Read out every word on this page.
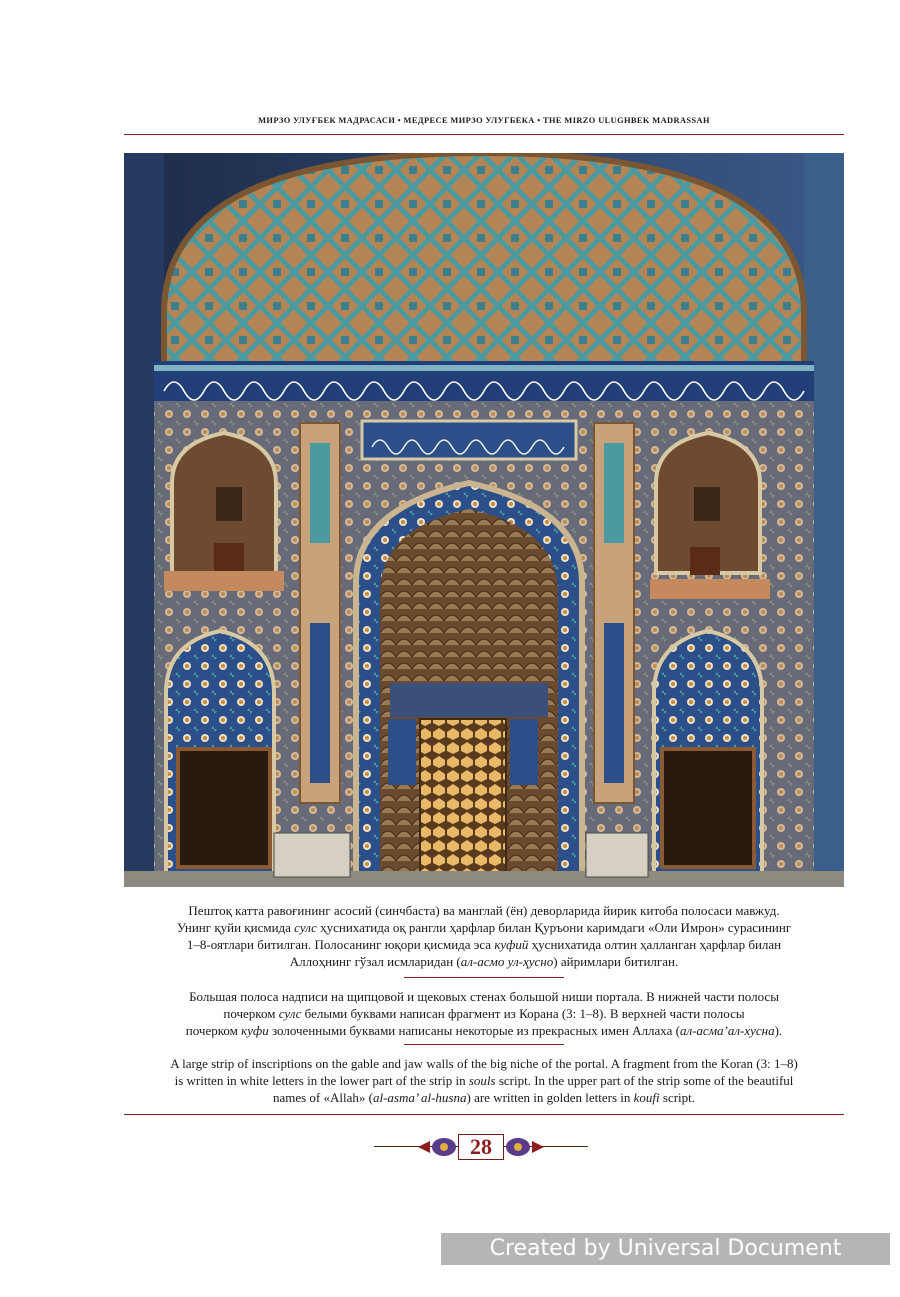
МИРЗО УЛУҒБЕК МАДРАСАСИ • МЕДРЕСЕ МИРЗО УЛУГБЕКА • THE MIRZO ULUGHBEK MADRASSAH

Пештоқ катта равоғининг асосий (синчбаста) ва манглай (ён) деворларида йирик китоба полосаси мавжуд.

Унинг қуйи қисмида сулс ҳуснихатида оқ рангли ҳарфлар билан Қуръони каримдаги «Оли Имрон» сурасининг

1–8-оятлари битилган. Полосанинг юқори қисмида эса куфий ҳуснихатида олтин ҳалланган ҳарфлар билан

Аллоҳнинг гўзал исмларидан (ал-асмо ул-ҳусно) айримлари битилган.

Большая полоса надписи на щипцовой и щековых стенах большой ниши портала. В нижней части полосы

почерком сулс белыми буквами написан фрагмент из Корана (3: 1–8). В верхней части полосы

почерком куфи золоченными буквами написаны некоторые из прекрасных имен Аллаха (ал-асма’ал-хусна).

A large strip of inscriptions on the gable and jaw walls of the big niche of the portal. A fragment from the Koran (3: 1–8)

is written in white letters in the lower part of the strip in souls script. In the upper part of the strip some of the beautiful

names of «Allah» (al-asma’ al-husna) are written in golden letters in koufi script.

28
Created by Universal Document Converter
